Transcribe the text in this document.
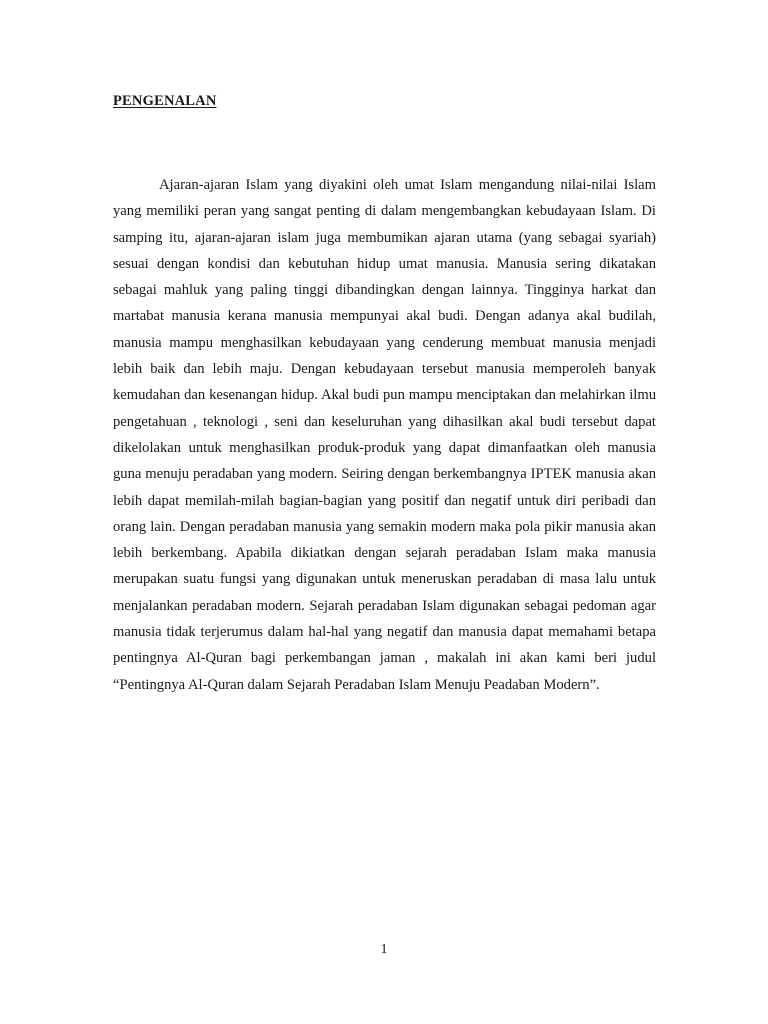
PENGENALAN

Ajaran-ajaran Islam yang diyakini oleh umat Islam mengandung nilai-nilai Islam yang memiliki peran yang sangat penting di dalam mengembangkan kebudayaan Islam. Di samping itu, ajaran-ajaran islam juga membumikan ajaran utama (yang sebagai syariah) sesuai dengan kondisi dan kebutuhan hidup umat manusia. Manusia sering dikatakan sebagai mahluk yang paling tinggi dibandingkan dengan lainnya. Tingginya harkat dan martabat manusia kerana manusia mempunyai akal budi. Dengan adanya akal budilah, manusia mampu menghasilkan kebudayaan yang cenderung membuat manusia menjadi lebih baik dan lebih maju. Dengan kebudayaan tersebut manusia memperoleh banyak kemudahan dan kesenangan hidup. Akal budi pun mampu menciptakan dan melahirkan ilmu pengetahuan , teknologi , seni dan keseluruhan yang dihasilkan akal budi tersebut dapat dikelolakan untuk menghasilkan produk-produk yang dapat dimanfaatkan oleh manusia guna menuju peradaban yang modern. Seiring dengan berkembangnya IPTEK manusia akan lebih dapat memilah-milah bagian-bagian yang positif dan negatif untuk diri peribadi dan orang lain. Dengan peradaban manusia yang semakin modern maka pola pikir manusia akan lebih berkembang. Apabila dikiatkan dengan sejarah peradaban Islam maka manusia merupakan suatu fungsi yang digunakan untuk meneruskan peradaban di masa lalu untuk menjalankan peradaban modern. Sejarah peradaban Islam digunakan sebagai pedoman agar manusia tidak terjerumus dalam hal-hal yang negatif dan manusia dapat memahami betapa pentingnya Al-Quran bagi perkembangan jaman , makalah ini akan kami beri judul “Pentingnya Al-Quran dalam Sejarah Peradaban Islam Menuju Peadaban Modern”.

1
